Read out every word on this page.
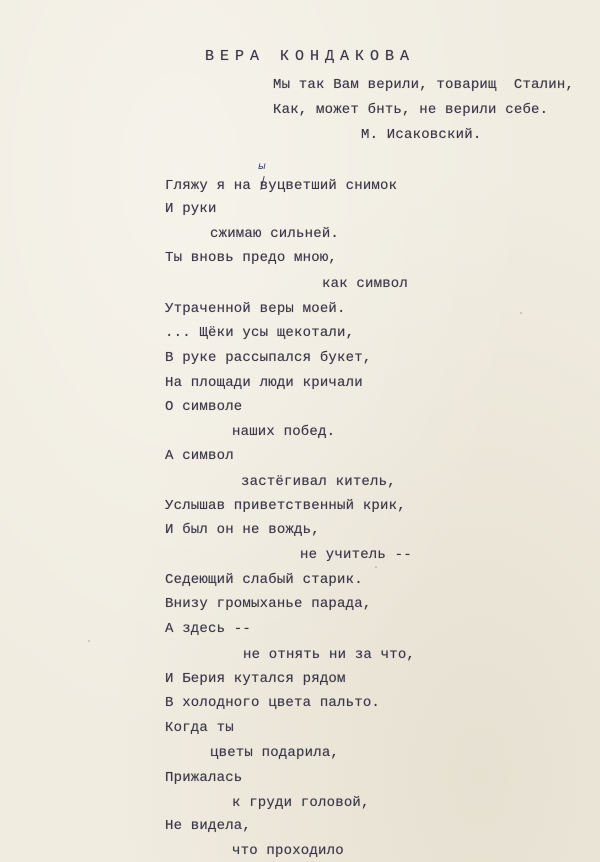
ВЕРА КОНДАКОВА
Мы так Вам верили, товарищ  Сталин,
Как, может бнть, не верили себе.
М. Исаковский.
ы
Гляжу я на вуцветший снимок
И руки
сжимаю сильней.
Ты вновь предо мною,
как символ
Утраченной веры моей.
... Щёки усы щекотали,
В руке рассыпался букет,
На площади люди кричали
О символе
наших побед.
А символ
застёгивал китель,
Услышав приветственный крик,
И был он не вождь,
не учитель --
Седеющий слабый старик.
Внизу громыханье парада,
А здесь --
не отнять ни за что,
И Берия кутался рядом
В холодного цвета пальто.
Когда ты
цветы подарила,
Прижалась
к груди головой,
Не видела,
что проходило
